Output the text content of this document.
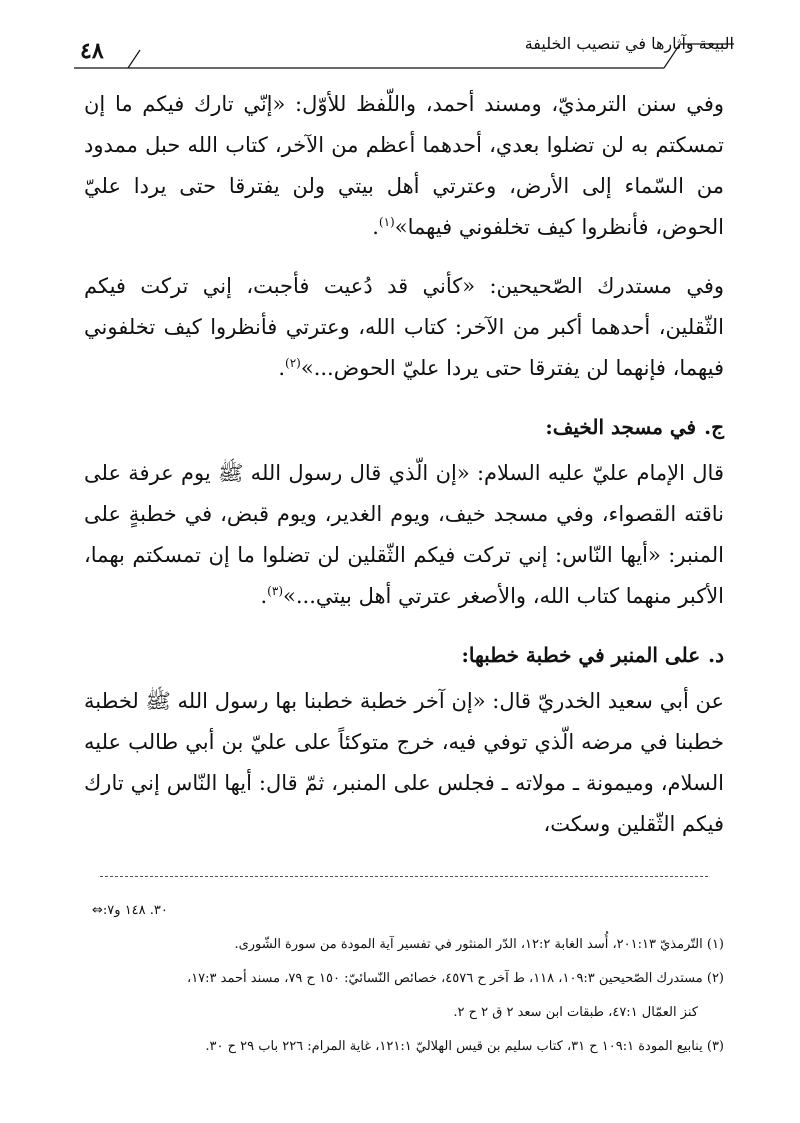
البيعة وآثارها في تنصيب الخليفة
٤٨

وفي سنن الترمذيّ، ومسند أحمد، واللّفظ للأوّل: «إنّي تارك فيكم ما إن تمسكتم به لن تضلوا بعدي، أحدهما أعظم من الآخر، كتاب الله حبل ممدود من السّماء إلى الأرض، وعترتي أهل بيتي ولن يفترقا حتى يردا عليّ الحوض، فأنظروا كيف تخلفوني فيهما»$^{(١)}$.

وفي مستدرك الصّحيحين: «كأني قد دُعيت فأجبت، إني تركت فيكم الثّقلين، أحدهما أكبر من الآخر: كتاب الله، وعترتي فأنظروا كيف تخلفوني فيهما، فإنهما لن يفترقا حتى يردا عليّ الحوض...»$^{(٢)}$.

ج.في مسجد الخيف:

قال الإمام عليّ عليه السلام: «إن الّذي قال رسول الله ﷺ يوم عرفة على ناقته القصواء، وفي مسجد خيف، ويوم الغدير، ويوم قبض، في خطبةٍ على المنبر: «أيها النّاس: إني تركت فيكم الثّقلين لن تضلوا ما إن تمسكتم بهما، الأكبر منهما كتاب الله، والأصغر عترتي أهل بيتي...»$^{(٣)}$.

د.على المنبر في خطبة خطبها:

عن أبي سعيد الخدريّ قال: «إن آخر خطبة خطبنا بها رسول الله ﷺ لخطبة خطبنا في مرضه الّذي توفي فيه، خرج متوكئاً على عليّ بن أبي طالب عليه السلام، وميمونة ـ مولاته ـ فجلس على المنبر، ثمّ قال: أيها النّاس إني تارك فيكم الثّقلين وسكت،

٣٠. ١٤٨ و٧:⇔

(١) التّرمذيّ ٢٠١:١٣، أُسد الغابة ١٢:٢، الدّر المنثور في تفسير آية المودة من سورة الشّورى.

(٢) مستدرك الصّحيحين ١٠٩:٣، ١١٨، ط آخر ح ٤٥٧٦، خصائص النّسائيّ: ١٥٠ ح ٧٩، مسند أحمد ١٧:٣،

كنز العمّال ٤٧:١، طبقات ابن سعد ٢ ق ٢ ح ٢.

(٣) ينابيع المودة ١٠٩:١ ح ٣١، كتاب سليم بن قيس الهلاليّ ١٢١:١، غاية المرام: ٢٢٦ باب ٢٩ ح ٣٠.
